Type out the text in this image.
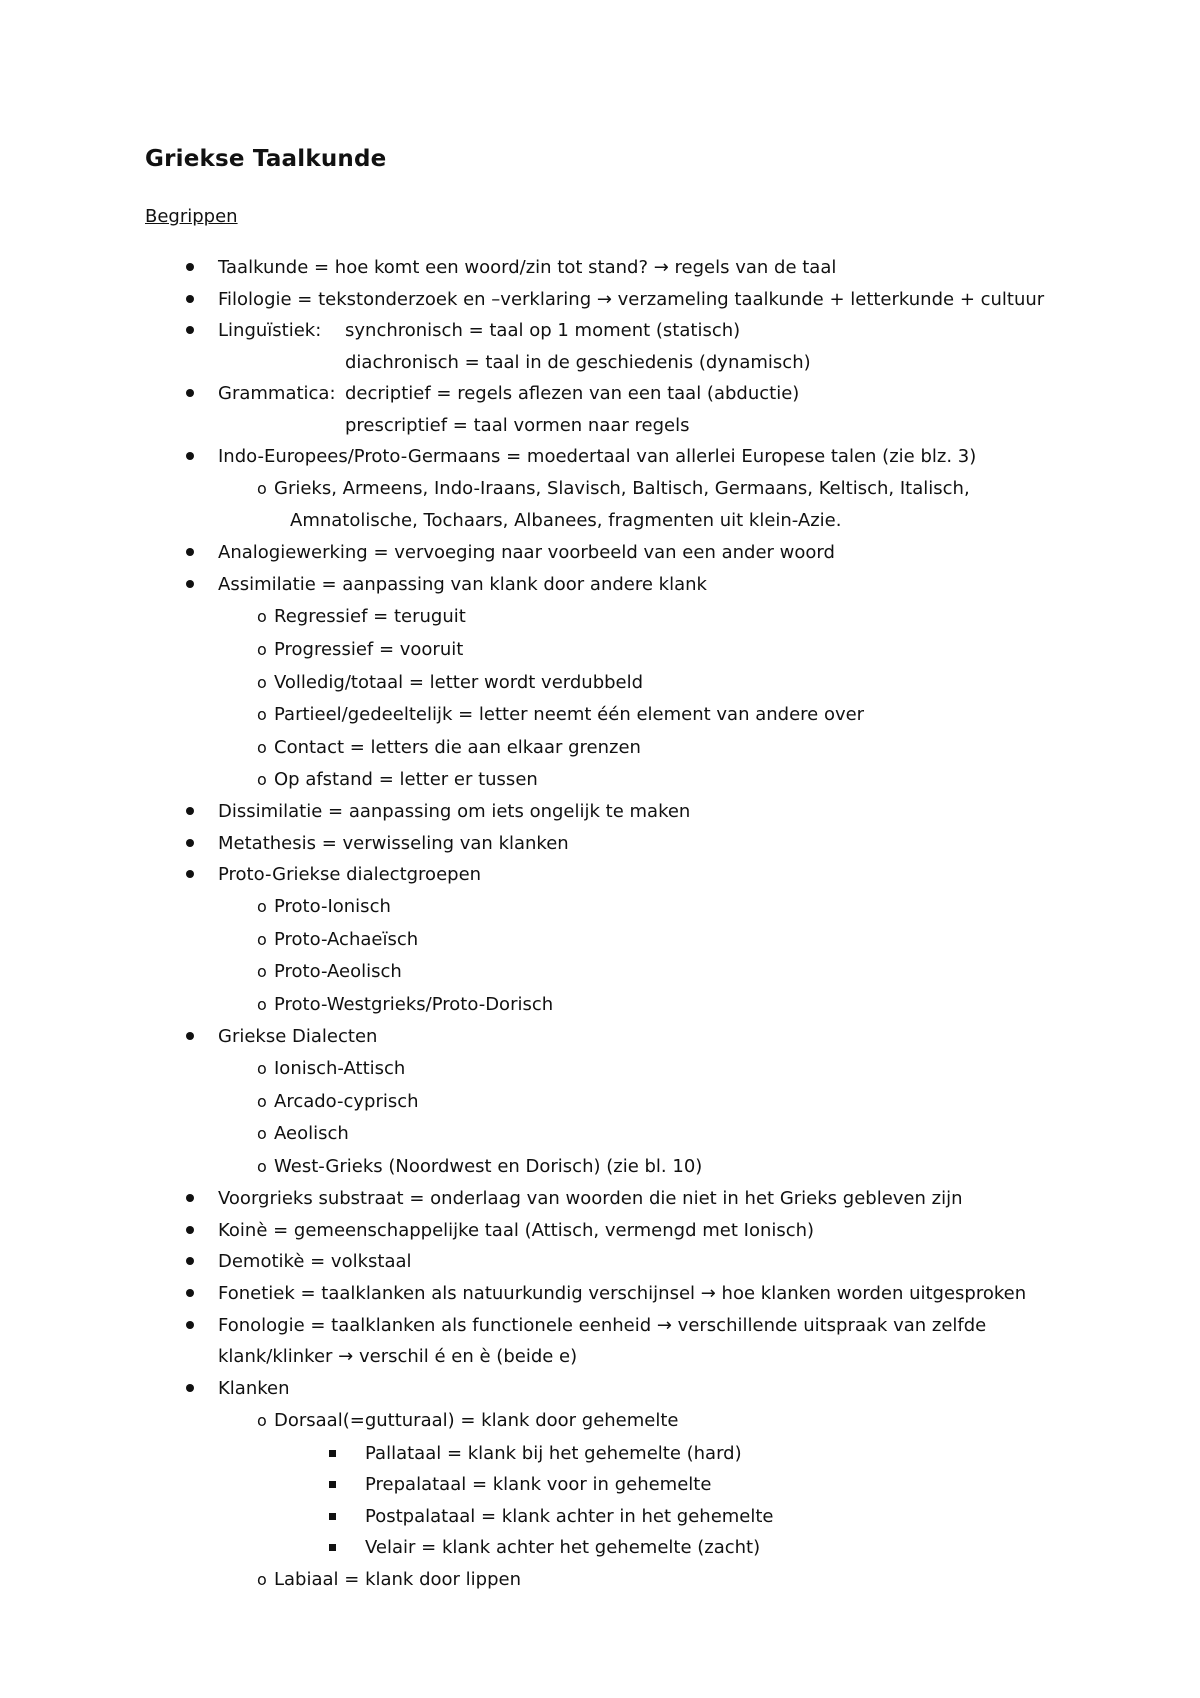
Griekse Taalkunde

Begrippen

Taalkunde = hoe komt een woord/zin tot stand? → regels van de taal
Filologie = tekstonderzoek en –verklaring → verzameling taalkunde + letterkunde + cultuur
Linguïstiek: synchronisch = taal op 1 moment (statisch)
diachronisch = taal in de geschiedenis (dynamisch)
Grammatica: decriptief = regels aflezen van een taal (abductie)
prescriptief = taal vormen naar regels
Indo-Europees/Proto-Germaans = moedertaal van allerlei Europese talen (zie blz. 3)
o Grieks, Armeens, Indo-Iraans, Slavisch, Baltisch, Germaans, Keltisch, Italisch,
Amnatolische, Tochaars, Albanees, fragmenten uit klein-Azie.
Analogiewerking = vervoeging naar voorbeeld van een ander woord
Assimilatie = aanpassing van klank door andere klank
o Regressief = teruguit
o Progressief = vooruit
o Volledig/totaal = letter wordt verdubbeld
o Partieel/gedeeltelijk = letter neemt één element van andere over
o Contact = letters die aan elkaar grenzen
o Op afstand = letter er tussen
Dissimilatie = aanpassing om iets ongelijk te maken
Metathesis = verwisseling van klanken
Proto-Griekse dialectgroepen
o Proto-Ionisch
o Proto-Achaeïsch
o Proto-Aeolisch
o Proto-Westgrieks/Proto-Dorisch
Griekse Dialecten
o Ionisch-Attisch
o Arcado-cyprisch
o Aeolisch
o West-Grieks (Noordwest en Dorisch) (zie bl. 10)
Voorgrieks substraat = onderlaag van woorden die niet in het Grieks gebleven zijn
Koinè = gemeenschappelijke taal (Attisch, vermengd met Ionisch)
Demotikè = volkstaal
Fonetiek = taalklanken als natuurkundig verschijnsel → hoe klanken worden uitgesproken
Fonologie = taalklanken als functionele eenheid → verschillende uitspraak van zelfde
klank/klinker → verschil é en è (beide e)
Klanken
o Dorsaal(=gutturaal) = klank door gehemelte
Pallataal = klank bij het gehemelte (hard)
Prepalataal = klank voor in gehemelte
Postpalataal = klank achter in het gehemelte
Velair = klank achter het gehemelte (zacht)
o Labiaal = klank door lippen
